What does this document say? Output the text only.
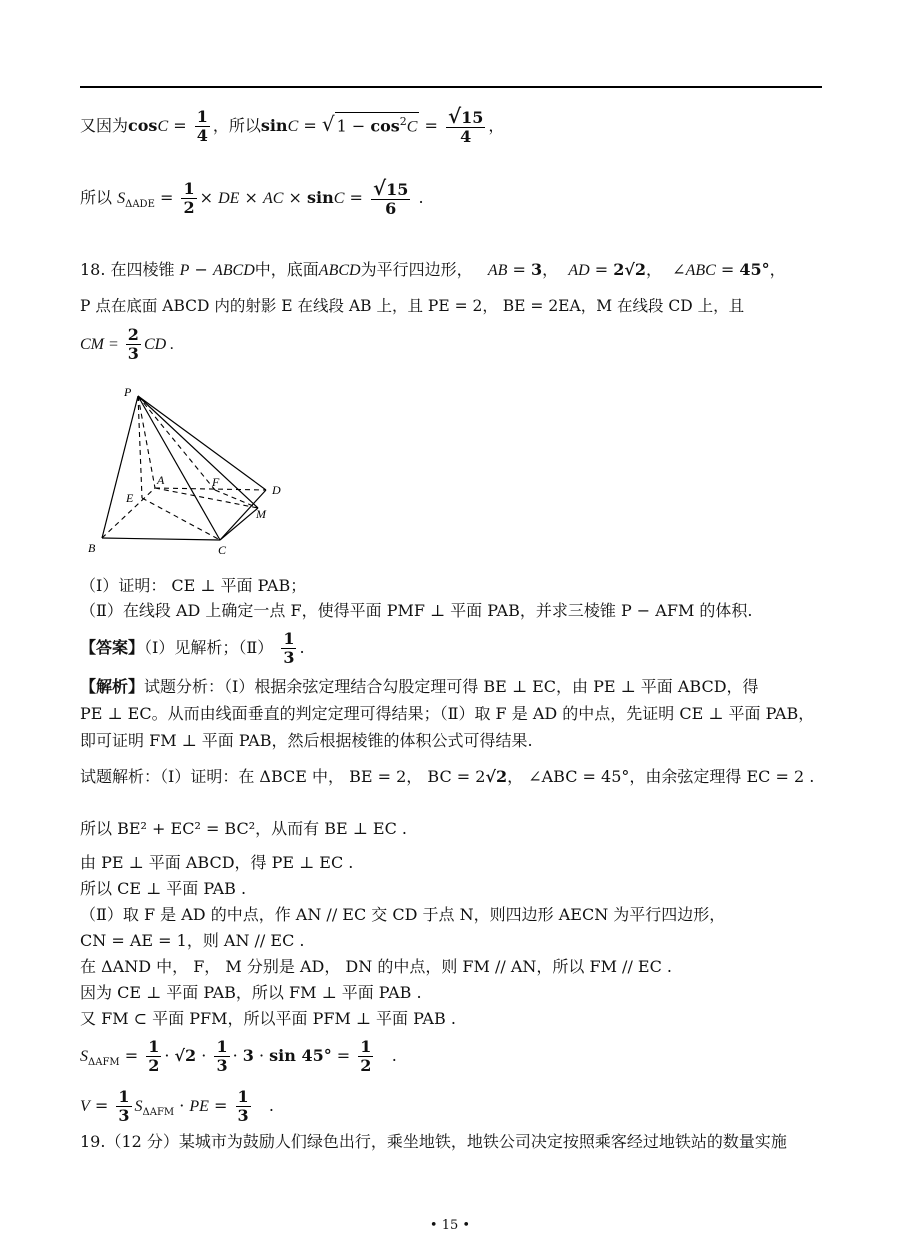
又因为$\cos C = \frac{1}{4}$ ，所以sinC = √ $1 - \cos^2C = \frac{√15}{4}$ ，
所以 $S_{\Delta ADE} = \frac{1}{2}$ × DE × AC × $\sin C = \frac{√15}{6}$ .
18. 在四棱锥 P − ABCD中，底面ABCD为平行四边形， AB = 3，  AD = 2√2，  ∠ABC = 45°，
P 点在底面 ABCD 内的射影 E 在线段 AB 上，且 PE = 2， BE = 2EA，M 在线段 CD 上，且
CM = $\frac{2}{3}$ CD .
P
A
E
F
D
M
B	C
（Ⅰ）证明： CE ⊥ 平面 PAB；
（Ⅱ）在线段 AD 上确定一点 F，使得平面 PMF ⊥ 平面 PAB，并求三棱锥 P − AFM 的体积.
【答案】（Ⅰ）见解析；（Ⅱ） $\frac{1}{3}$ .
【解析】试题分析：（Ⅰ）根据余弦定理结合勾股定理可得 BE ⊥ EC，由 PE ⊥ 平面 ABCD，得
PE ⊥ EC。从而由线面垂直的判定定理可得结果；（Ⅱ）取 F 是 AD 的中点，先证明 CE ⊥ 平面 PAB，
即可证明 FM ⊥ 平面 PAB，然后根据棱锥的体积公式可得结果.
试题解析：（Ⅰ）证明：在 ΔBCE 中， BE = 2， BC = 2√2， ∠ABC = 45°，由余弦定理得 EC = 2 .
所以 BE² + EC² = BC²，从而有 BE ⊥ EC .
由 PE ⊥ 平面 ABCD，得 PE ⊥ EC .
所以 CE ⊥ 平面 PAB .
（Ⅱ）取 F 是 AD 的中点，作 AN // EC 交 CD 于点 N，则四边形 AECN 为平行四边形，
CN = AE = 1，则 AN // EC .
在 ΔAND 中， F， M 分别是 AD， DN 的中点，则 FM // AN，所以 FM // EC .
因为 CE ⊥ 平面 PAB，所以 FM ⊥ 平面 PAB .
又 FM ⊂ 平面 PFM，所以平面 PFM ⊥ 平面 PAB .
$S_{\Delta AFM} = \frac{1}{2} \cdot √2 \cdot \frac{1}{3} \cdot 3 \cdot \sin 45^\circ = \frac{1}{2}$ .
$V = \frac{1}{3} S_{\Delta AFM}$ · PE = $\frac{1}{3}$ .
19.（12 分）某城市为鼓励人们绿色出行，乘坐地铁，地铁公司决定按照乘客经过地铁站的数量实施
• 15 •
